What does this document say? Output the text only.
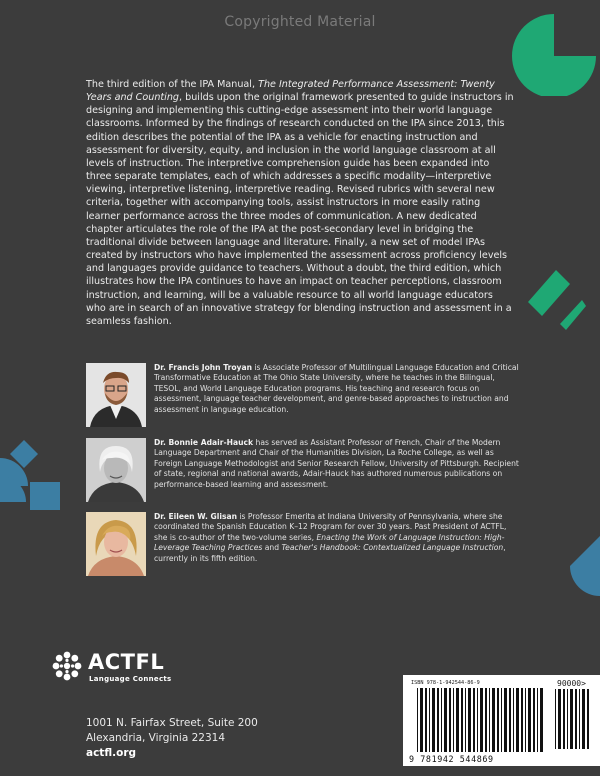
Copyrighted Material

The third edition of the IPA Manual, The Integrated Performance Assessment: Twenty Years and Counting, builds upon the original framework presented to guide instructors in designing and implementing this cutting-edge assessment into their world language classrooms. Informed by the findings of research conducted on the IPA since 2013, this edition describes the potential of the IPA as a vehicle for enacting instruction and assessment for diversity, equity, and inclusion in the world language classroom at all levels of instruction. The interpretive comprehension guide has been expanded into three separate templates, each of which addresses a specific modality—interpretive viewing, interpretive listening, interpretive reading. Revised rubrics with several new criteria, together with accompanying tools, assist instructors in more easily rating learner performance across the three modes of communication. A new dedicated chapter articulates the role of the IPA at the post-secondary level in bridging the traditional divide between language and literature. Finally, a new set of model IPAs created by instructors who have implemented the assessment across proficiency levels and languages provide guidance to teachers. Without a doubt, the third edition, which illustrates how the IPA continues to have an impact on teacher perceptions, classroom instruction, and learning, will be a valuable resource to all world language educators who are in search of an innovative strategy for blending instruction and assessment in a seamless fashion.

Dr. Francis John Troyan is Associate Professor of Multilingual Language Education and Critical Transformative Education at The Ohio State University, where he teaches in the Bilingual, TESOL, and World Language Education programs. His teaching and research focus on assessment, language teacher development, and genre-based approaches to instruction and assessment in language education.

Dr. Bonnie Adair-Hauck has served as Assistant Professor of French, Chair of the Modern Language Department and Chair of the Humanities Division, La Roche College, as well as Foreign Language Methodologist and Senior Research Fellow, University of Pittsburgh. Recipient of state, regional and national awards, Adair-Hauck has authored numerous publications on performance-based learning and assessment.

Dr. Eileen W. Glisan is Professor Emerita at Indiana University of Pennsylvania, where she coordinated the Spanish Education K–12 Program for over 30 years. Past President of ACTFL, she is co-author of the two-volume series, Enacting the Work of Language Instruction: High-Leverage Teaching Practices and Teacher's Handbook: Contextualized Language Instruction, currently in its fifth edition.

ACTFL
Language Connects
1001 N. Fairfax Street, Suite 200
Alexandria, Virginia 22314
actfl.org
ISBN 978-1-942544-86-9	90000>
9 781942 544869
